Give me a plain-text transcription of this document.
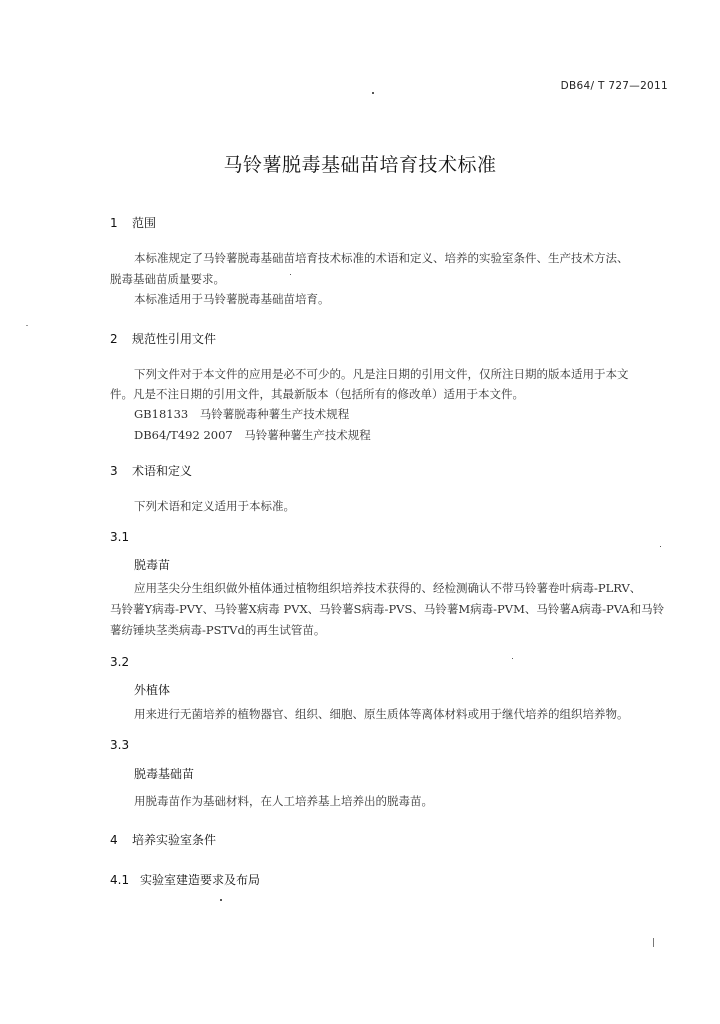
DB64/ T 727—2011
马铃薯脱毒基础苗培育技术标准
1 范围
本标准规定了马铃薯脱毒基础苗培育技术标准的术语和定义、培养的实验室条件、生产技术方法、
脱毒基础苗质量要求。
本标准适用于马铃薯脱毒基础苗培育。
2 规范性引用文件
下列文件对于本文件的应用是必不可少的。凡是注日期的引用文件，仅所注日期的版本适用于本文
件。凡是不注日期的引用文件，其最新版本（包括所有的修改单）适用于本文件。
GB18133　马铃薯脱毒种薯生产技术规程
DB64/T492 2007　马铃薯种薯生产技术规程
3 术语和定义
下列术语和定义适用于本标准。
3.1
脱毒苗
应用茎尖分生组织做外植体通过植物组织培养技术获得的、经检测确认不带马铃薯卷叶病毒-PLRV、
马铃薯Y病毒-PVY、马铃薯X病毒 PVX、马铃薯S病毒-PVS、马铃薯M病毒-PVM、马铃薯A病毒-PVA和马铃
薯纺锤块茎类病毒-PSTVd的再生试管苗。
3.2
外植体
用来进行无菌培养的植物器官、组织、细胞、原生质体等离体材料或用于继代培养的组织培养物。
3.3
脱毒基础苗
用脱毒苗作为基础材料，在人工培养基上培养出的脱毒苗。
4 培养实验室条件
4.1 实验室建造要求及布局
